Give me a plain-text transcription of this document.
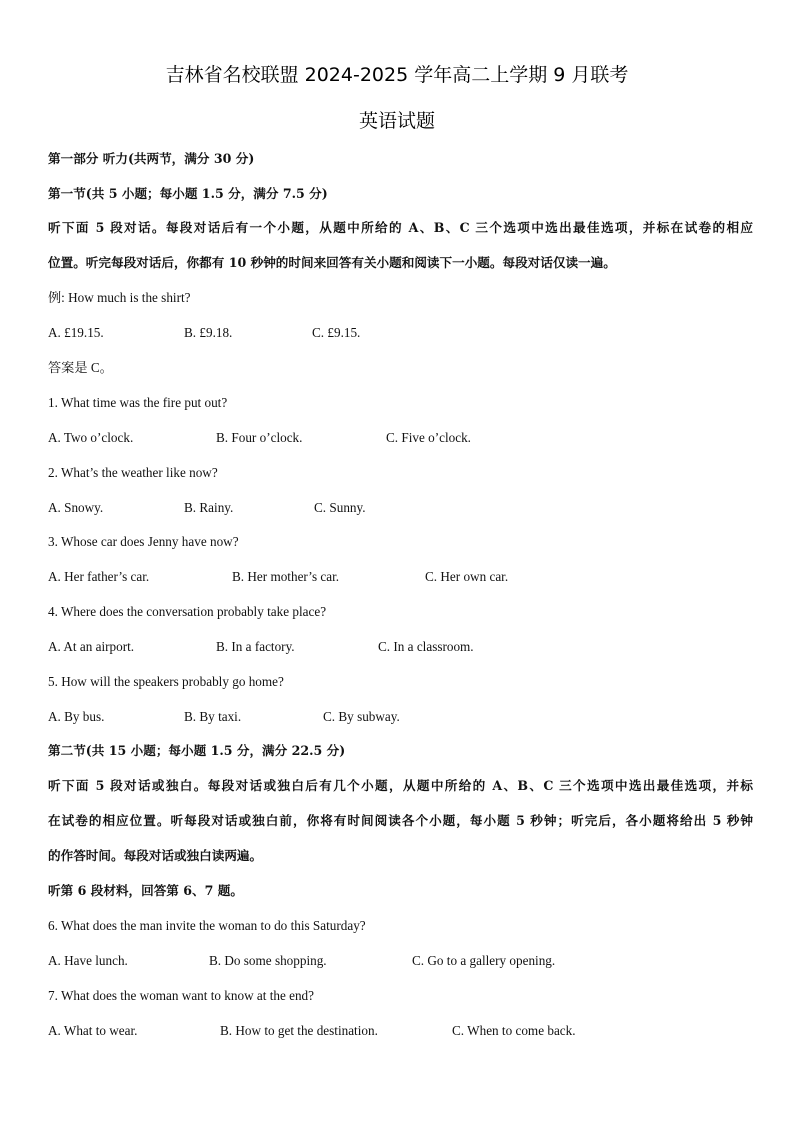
吉林省名校联盟 2024-2025 学年高二上学期 9 月联考
英语试题
第一部分 听力(共两节，满分 30 分)
第一节(共 5 小题；每小题 1.5 分，满分 7.5 分)
听下面 5 段对话。每段对话后有一个小题，从题中所给的 A、B、C 三个选项中选出最佳选项，并标在试卷的相应
位置。听完每段对话后，你都有 10 秒钟的时间来回答有关小题和阅读下一小题。每段对话仅读一遍。
例: How much is the shirt?
A. £19.15.	B. £9.18.	C. £9.15.
答案是 C。
1. What time was the fire put out?
A. Two o’clock.	B. Four o’clock.	C. Five o’clock.
2. What’s the weather like now?
A. Snowy.	B. Rainy.	C. Sunny.
3. Whose car does Jenny have now?
A. Her father’s car.	B. Her mother’s car.	C. Her own car.
4. Where does the conversation probably take place?
A. At an airport.	B. In a factory.	C. In a classroom.
5. How will the speakers probably go home?
A. By bus.	B. By taxi.	C. By subway.
第二节(共 15 小题；每小题 1.5 分，满分 22.5 分)
听下面 5 段对话或独白。每段对话或独白后有几个小题，从题中所给的 A、B、C 三个选项中选出最佳选项，并标
在试卷的相应位置。听每段对话或独白前，你将有时间阅读各个小题，每小题 5 秒钟；听完后，各小题将给出 5 秒钟
的作答时间。每段对话或独白读两遍。
听第 6 段材料，回答第 6、7 题。
6. What does the man invite the woman to do this Saturday?
A. Have lunch.	B. Do some shopping.	C. Go to a gallery opening.
7. What does the woman want to know at the end?
A. What to wear.	B. How to get the destination.	C. When to come back.
